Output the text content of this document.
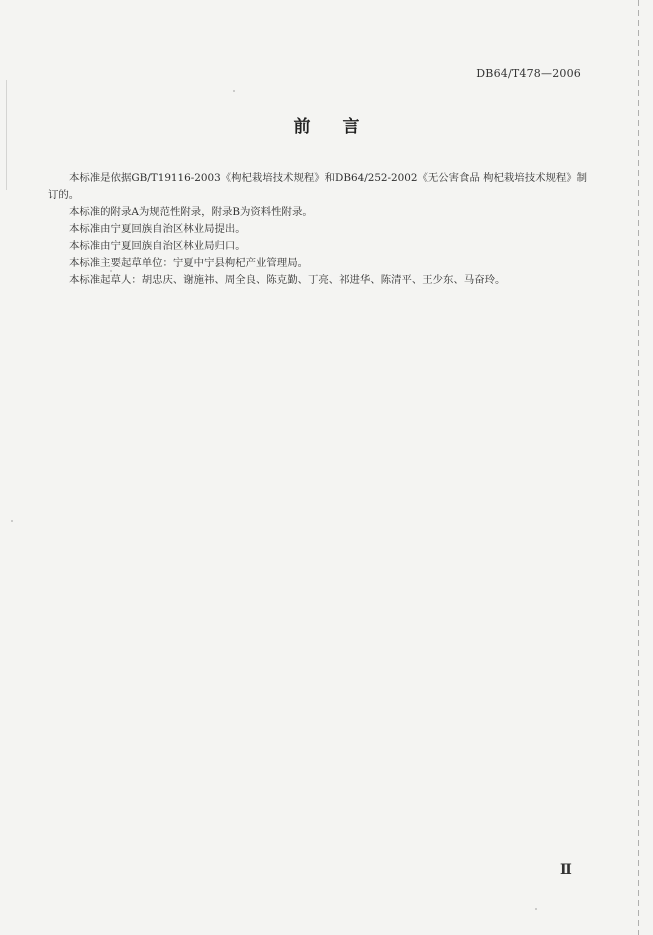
DB64/T478—2006
前 言

本标准是依据GB/T19116-2003《枸杞栽培技术规程》和DB64/252-2002《无公害食品 枸杞栽培技术规程》制订的。

本标准的附录A为规范性附录，附录B为资料性附录。

本标准由宁夏回族自治区林业局提出。

本标准由宁夏回族自治区林业局归口。

本标准主要起草单位：宁夏中宁县枸杞产业管理局。

本标准起草人：胡忠庆、谢施祎、周全良、陈克勤、丁亮、祁进华、陈清平、王少东、马奋玲。

Ⅱ
